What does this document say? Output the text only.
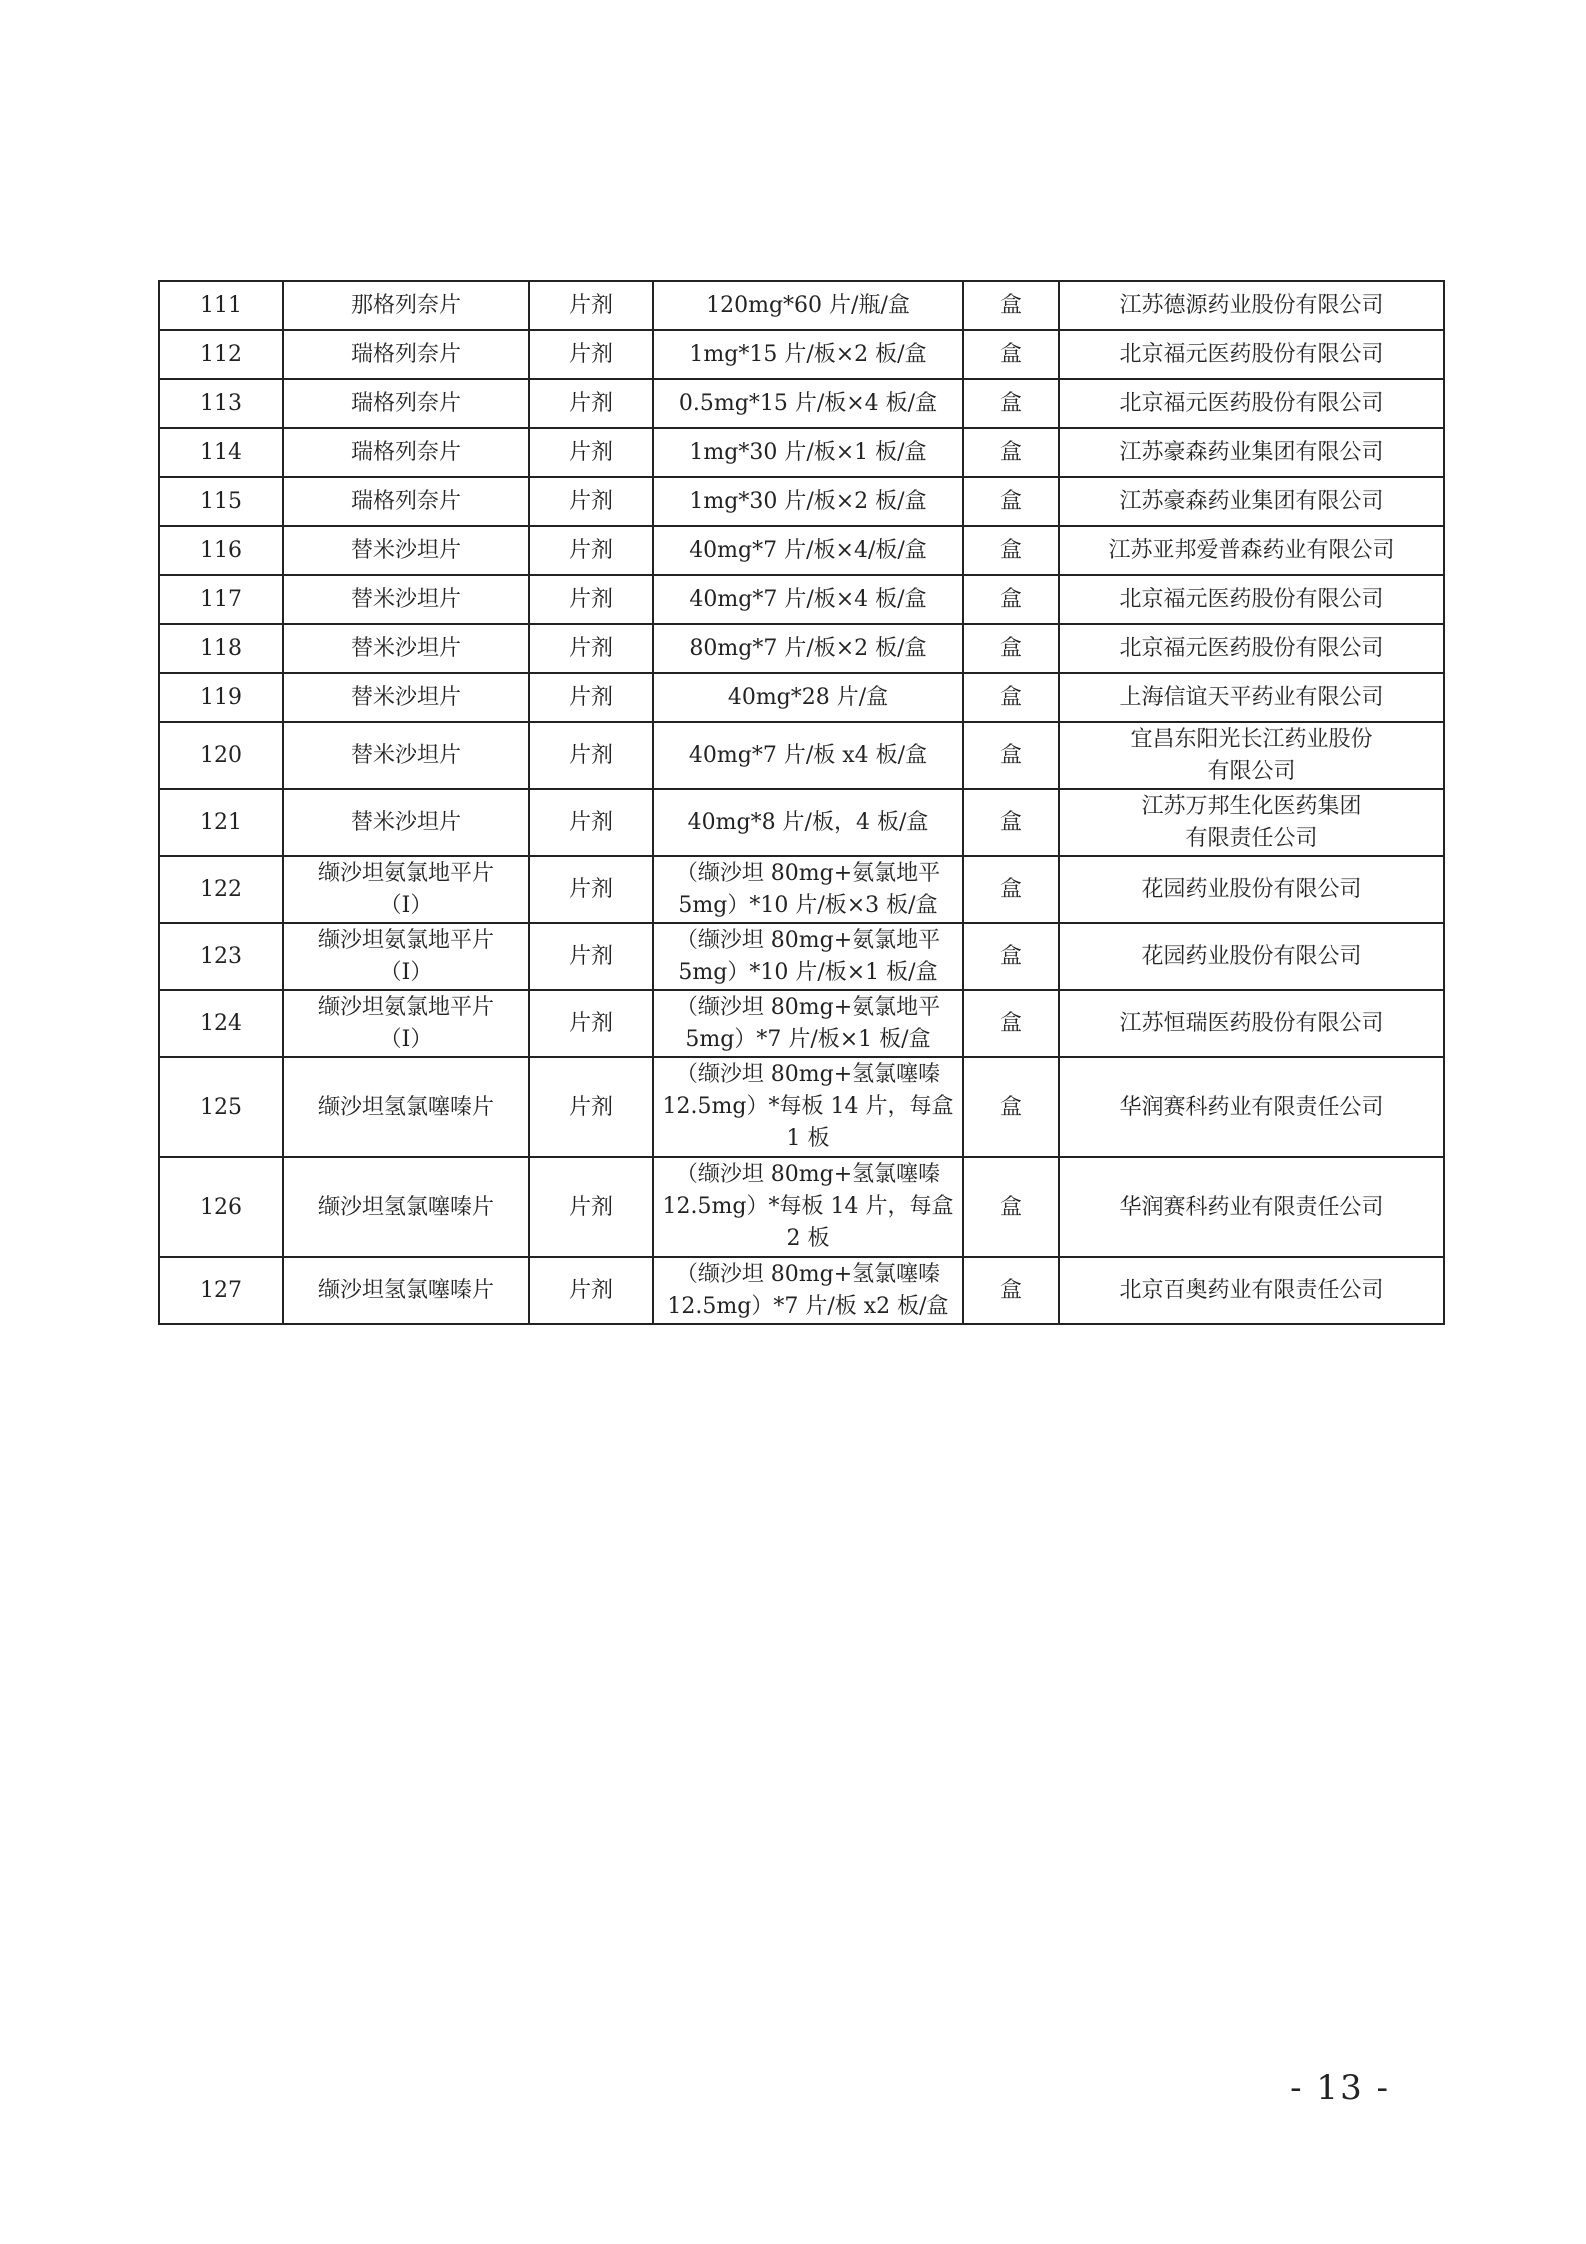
111	那格列奈片	片剂	120mg*60 片/瓶/盒	盒	江苏德源药业股份有限公司

112	瑞格列奈片	片剂	1mg*15 片/板×2 板/盒	盒	北京福元医药股份有限公司

113	瑞格列奈片	片剂	0.5mg*15 片/板×4 板/盒	盒	北京福元医药股份有限公司

114	瑞格列奈片	片剂	1mg*30 片/板×1 板/盒	盒	江苏豪森药业集团有限公司

115	瑞格列奈片	片剂	1mg*30 片/板×2 板/盒	盒	江苏豪森药业集团有限公司

116	替米沙坦片	片剂	40mg*7 片/板×4/板/盒	盒	江苏亚邦爱普森药业有限公司

117	替米沙坦片	片剂	40mg*7 片/板×4 板/盒	盒	北京福元医药股份有限公司

118	替米沙坦片	片剂	80mg*7 片/板×2 板/盒	盒	北京福元医药股份有限公司

119	替米沙坦片	片剂	40mg*28 片/盒	盒	上海信谊天平药业有限公司

120	替米沙坦片	片剂	40mg*7 片/板 x4 板/盒	盒	宜昌东阳光长江药业股份
有限公司

121	替米沙坦片	片剂	40mg*8 片/板，4 板/盒	盒	江苏万邦生化医药集团
有限责任公司

122	缬沙坦氨氯地平片
（Ⅰ）	片剂	（缬沙坦 80mg+氨氯地平
5mg）*10 片/板×3 板/盒	盒	花园药业股份有限公司

123	缬沙坦氨氯地平片
（Ⅰ）	片剂	（缬沙坦 80mg+氨氯地平
5mg）*10 片/板×1 板/盒	盒	花园药业股份有限公司

124	缬沙坦氨氯地平片
（Ⅰ）	片剂	（缬沙坦 80mg+氨氯地平
5mg）*7 片/板×1 板/盒	盒	江苏恒瑞医药股份有限公司

125	缬沙坦氢氯噻嗪片	片剂	（缬沙坦 80mg+氢氯噻嗪
12.5mg）*每板 14 片，每盒
1 板	盒	华润赛科药业有限责任公司

126	缬沙坦氢氯噻嗪片	片剂	（缬沙坦 80mg+氢氯噻嗪
12.5mg）*每板 14 片，每盒
2 板	盒	华润赛科药业有限责任公司

127	缬沙坦氢氯噻嗪片	片剂	（缬沙坦 80mg+氢氯噻嗪
12.5mg）*7 片/板 x2 板/盒	盒	北京百奥药业有限责任公司
- 13 -
